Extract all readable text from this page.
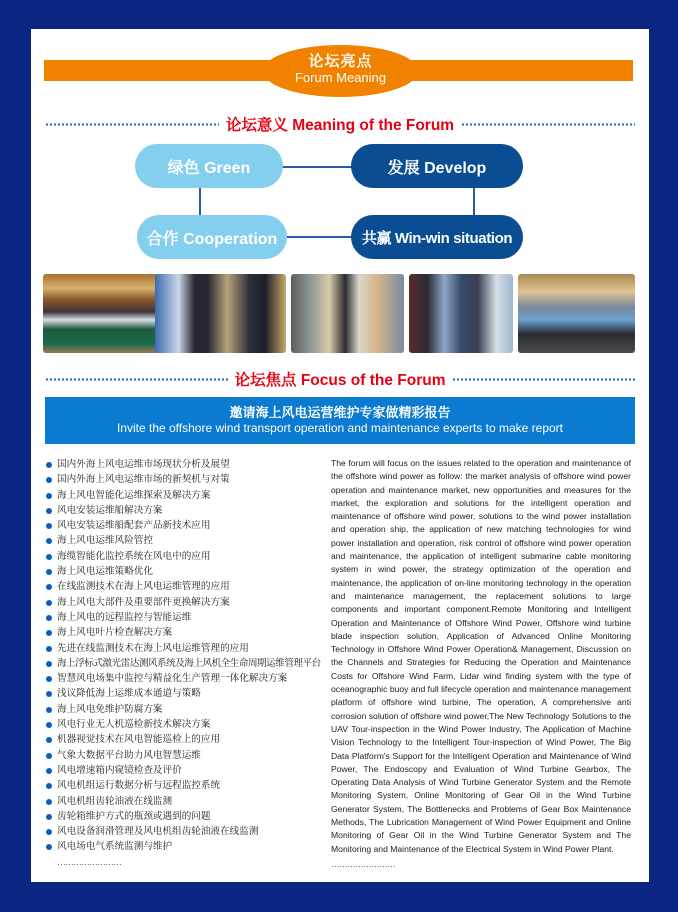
论坛亮点
Forum Meaning
论坛意义 Meaning of the Forum
绿色 Green	发展 Develop
合作 Cooperation	共赢 Win-win situation
论坛焦点 Focus of the Forum
邀请海上风电运营维护专家做精彩报告
Invite the offshore wind transport operation and maintenance experts to make report
国内外海上风电运维市场现状分析及展望
国内外海上风电运维市场的新契机与对策
海上风电智能化运维探索及解决方案
风电安装运维船解决方案
风电安装运维船配套产品新技术应用
海上风电运维风险管控
海缆智能化监控系统在风电中的应用
海上风电运维策略优化
在线监测技术在海上风电运维管理的应用
海上风电大部件及重要部件更换解决方案
海上风电的远程监控与智能运维
海上风电叶片检查解决方案
先进在线监测技术在海上风电运维管理的应用
海上浮标式激光雷达测风系统及海上风机全生命周期运维管理平台
智慧风电场集中监控与精益化生产管理一体化解决方案
浅议降低海上运维成本通道与策略
海上风电免维护防腐方案
风电行业无人机巡检新技术解决方案
机器视觉技术在风电智能巡检上的应用
气象大数据平台助力风电智慧运维
风电增速箱内窥镜检查及评价
风电机组运行数据分析与远程监控系统
风电机组齿轮油液在线监测
齿轮箱维护方式的瓶颈或遇到的问题
风电设备润滑管理及风电机组齿轮油液在线监测
风电场电气系统监测与维护
……………………

The forum will focus on the issues related to the operation and maintenance of the offshore wind power as follow: the market analysis of offshore wind power operation and maintenance market, new opportunities and measures for the market, the exploration and solutions for the intelligent operation and maintenance of offshore wind power, solutions to the wind power installation and operation ship, the application of new matching technologies for wind power installation and operation, risk control of offshore wind power operation and maintenance, the application of intelligent submarine cable monitoring system in wind power, the strategy optimization of the operation and maintenance, the application of on-line monitoring technology in the operation and maintenance management, the replacement solutions to large components and important component.Remote Monitoring and Intelligent Operation and Maintenance of Offshore Wind Power, Offshore wind turbine blade inspection solution, Application of Advanced Online Monitoring Technology in Offshore Wind Power Operation& Management, Discussion on the Channels and Strategies for Reducing the Operation and Maintenance Costs for Offshore Wind Farm, Lidar wind finding system with the type of oceanographic buoy and full lifecycle operation and maintenance management platform of offshore wind turbine, The operation, A comprehensive anti corrosion solution of offshore wind power,The New Technology Solutions to the UAV Tour-inspection in the Wind Power Industry, The Application of Machine Vision Technology to the Intelligent Tour-inspection of Wind Power, The Big Data Platform's Support for the Intelligent Operation and Maintenance of Wind Power, The Endoscopy and Evaluation of Wind Turbine Gearbox, The Operating Data Analysis of Wind Turbine Generator System and the Remote Monitoring System, Online Monitoring of Gear Oil in the Wind Turbine Generator System, The Bottlenecks and Problems of Gear Box Maintenance Methods, The Lubrication Management of Wind Power Equipment and Online Monitoring of Gear Oil in the Wind Turbine Generator System and The Monitoring and Maintenance of the Electrical System in Wind Power Plant.

……………………
